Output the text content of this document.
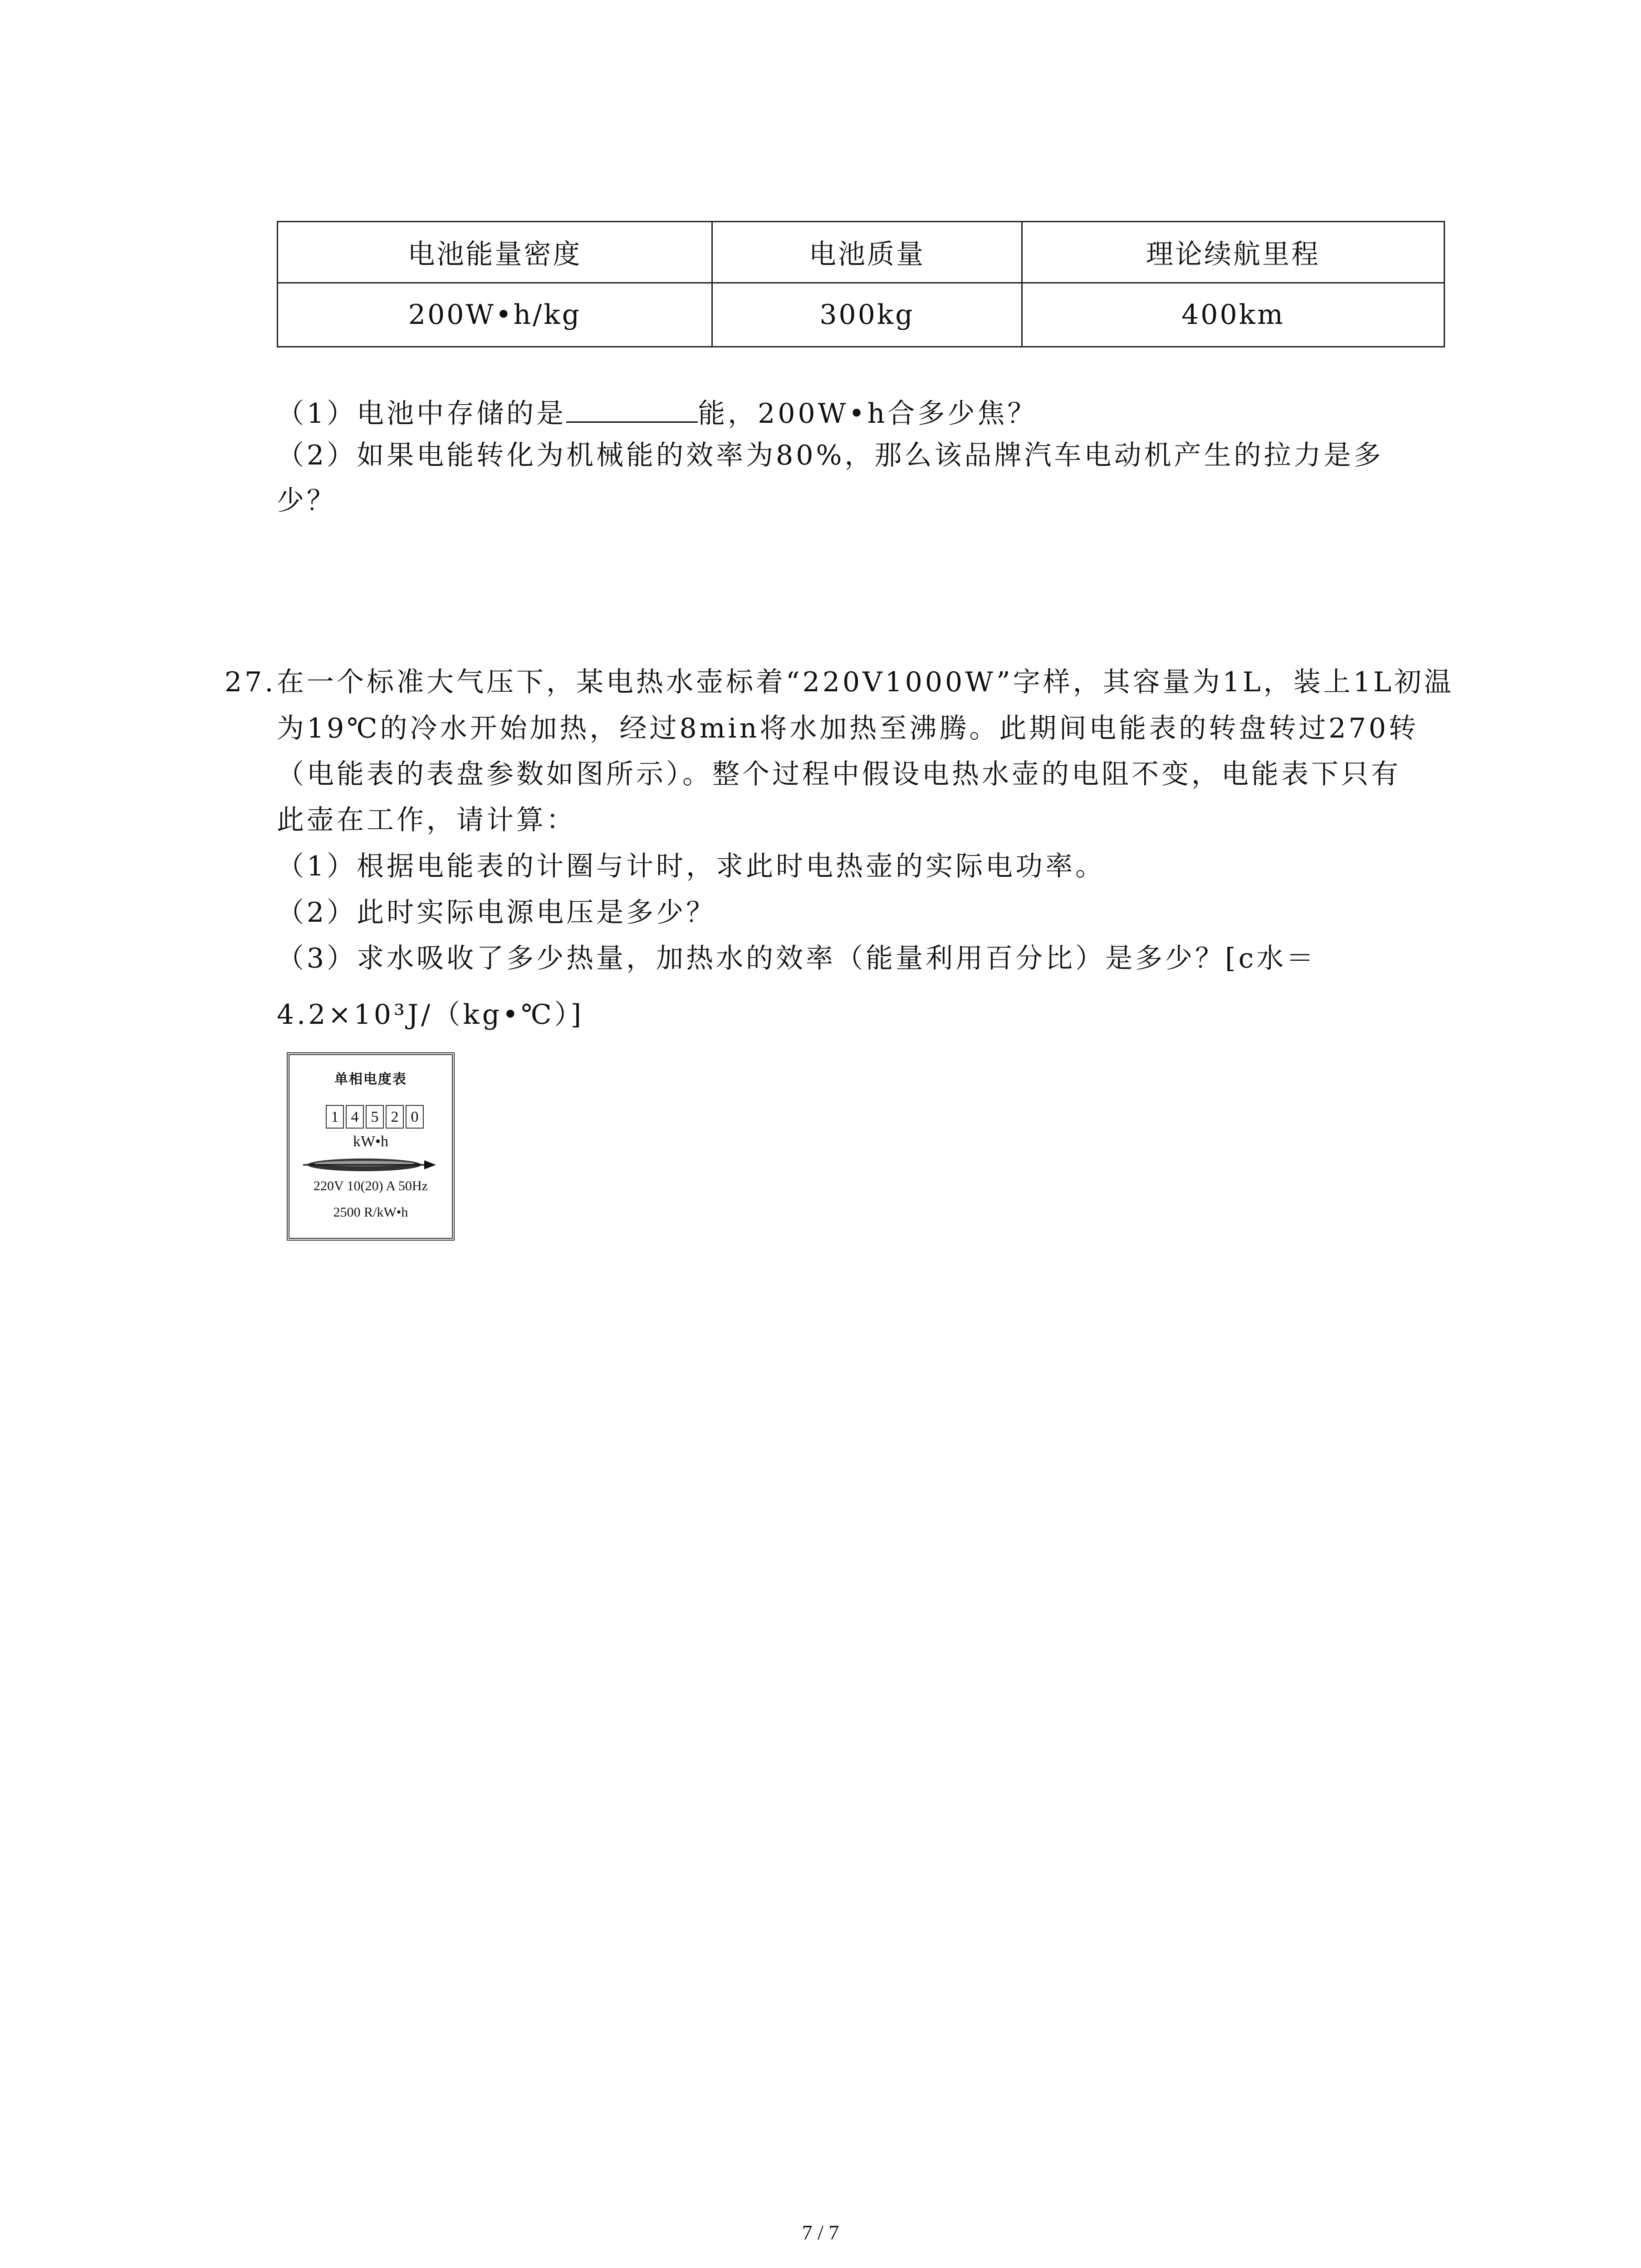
电池能量密度	电池质量	理论续航里程
200W•h/kg	300kg	400km
（1）电池中存储的是	能，200W•h合多少焦？
（2）如果电能转化为机械能的效率为80%，那么该品牌汽车电动机产生的拉力是多
少？
27. 在一个标准大气压下，某电热水壶标着“220V1000W”字样，其容量为1L，装上1L初温
为19℃的冷水开始加热，经过8min将水加热至沸腾。此期间电能表的转盘转过270转
（电能表的表盘参数如图所示）。整个过程中假设电热水壶的电阻不变，电能表下只有
此壶在工作，请计算：
（1）根据电能表的计圈与计时，求此时电热壶的实际电功率。
（2）此时实际电源电压是多少？
（3）求水吸收了多少热量，加热水的效率（能量利用百分比）是多少？[c水＝
4.2×10³J/（kg•℃）]
单相电度表
1 4 5 2 0
kW•h
220V 10(20) A 50Hz
2500 R/kW•h
7 / 7
